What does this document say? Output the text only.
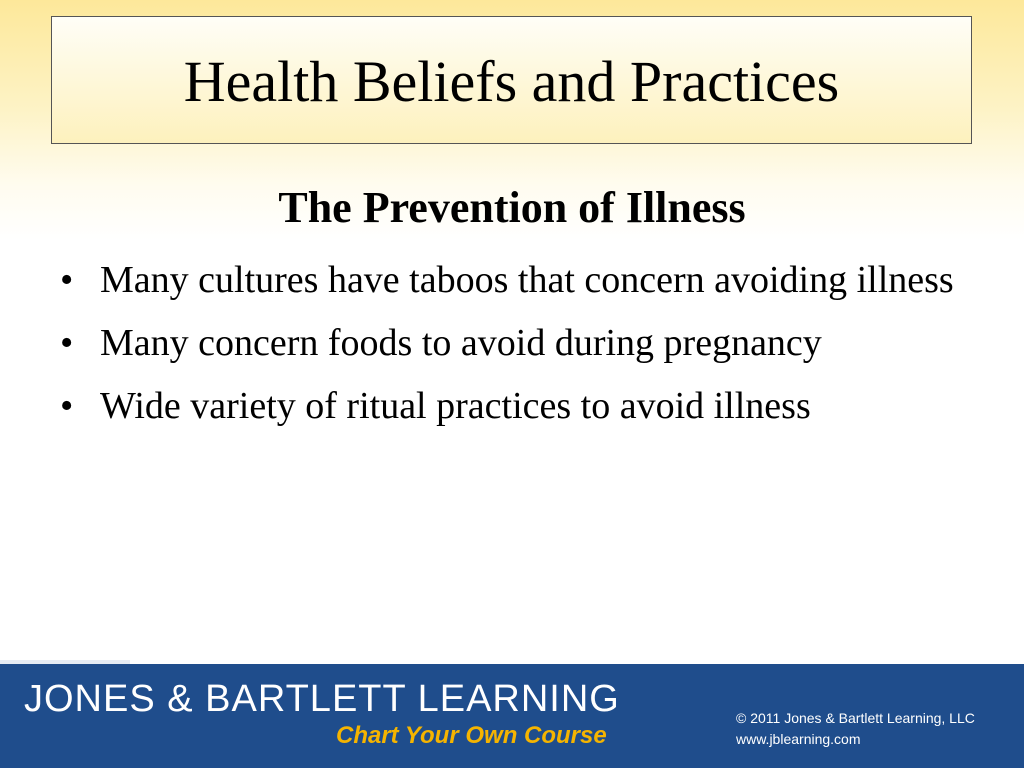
Health Beliefs and Practices
The Prevention of Illness
• Many cultures have taboos that concern avoiding illness
• Many concern foods to avoid during pregnancy
• Wide variety of ritual practices to avoid illness
JONES & BARTLETT LEARNING
Chart Your Own Course
© 2011 Jones & Bartlett Learning, LLC
www.jblearning.com
